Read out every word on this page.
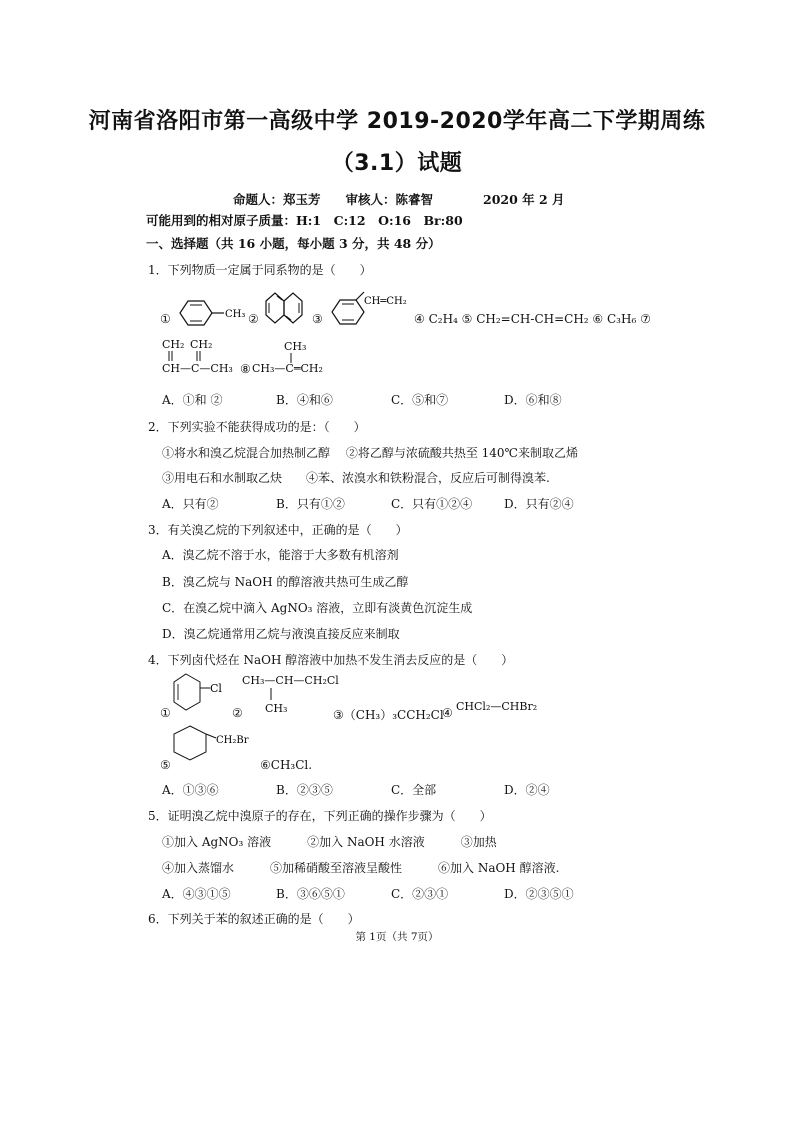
河南省洛阳市第一高级中学 2019-2020学年高二下学期周练
（3.1）试题
命题人：郑玉芳　　审核人：陈睿智　　　　2020 年 2 月
可能用到的相对原子质量：H:1　C:12　O:16　Br:80
一、选择题（共 16 小题，每小题 3 分，共 48 分）
1．下列物质一定属于同系物的是（　　）
①	CH₃ ②	③
CH═CH₂
④ C₂H₄ ⑤ CH₂=CH-CH=CH₂ ⑥ C₃H₆ ⑦
CH₂ CH₂
CH—C—CH₃ ⑧
CH₃
CH₃—C═CH₂
A．①和 ②	B．④和⑥	C．⑤和⑦	D．⑥和⑧
2．下列实验不能获得成功的是：（　　）
①将水和溴乙烷混合加热制乙醇　 ②将乙醇与浓硫酸共热至 140℃来制取乙烯
③用电石和水制取乙炔　　④苯、浓溴水和铁粉混合，反应后可制得溴苯.
A．只有②	B．只有①②	C．只有①②④	D．只有②④
3．有关溴乙烷的下列叙述中，正确的是（　　）
A．溴乙烷不溶于水，能溶于大多数有机溶剂
B．溴乙烷与 NaOH 的醇溶液共热可生成乙醇
C．在溴乙烷中滴入 AgNO₃ 溶液，立即有淡黄色沉淀生成
D．溴乙烷通常用乙烷与液溴直接反应来制取
4．下列卤代烃在 NaOH 醇溶液中加热不发生消去反应的是（　　）
①
Cl
②
CH₃—CH—CH₂Cl
CH₃	③（CH₃）₃CCH₂Cl
④ CHCl₂—CHBr₂
⑤
CH₂Br
⑥CH₃Cl.
A．①③⑥	B．②③⑤	C．全部	D．②④
5．证明溴乙烷中溴原子的存在，下列正确的操作步骤为（　　）
①加入 AgNO₃ 溶液　　　②加入 NaOH 水溶液　　　③加热
④加入蒸馏水　　　⑤加稀硝酸至溶液呈酸性　　　⑥加入 NaOH 醇溶液.
A．④③①⑤	B．③⑥⑤①	C．②③①	D．②③⑤①
6．下列关于苯的叙述正确的是（　　）
第 1页（共 7页）
